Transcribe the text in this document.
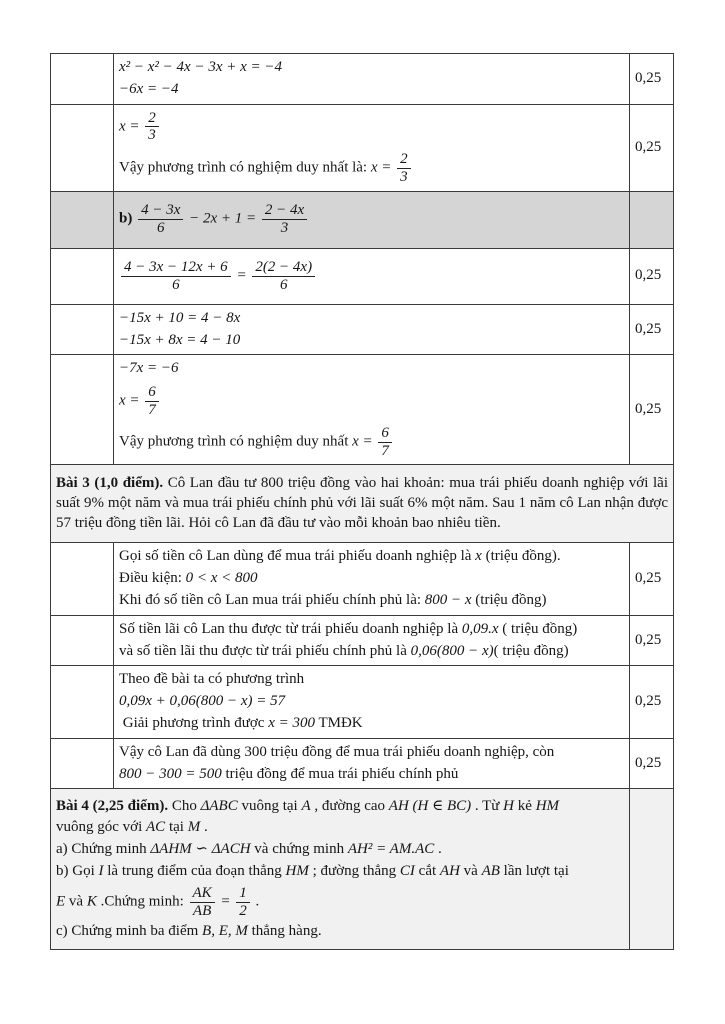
	x² − x² − 4x − 3x + x = −4
−6x = −4	0,25

$x = \frac{2}{3}$
Vậy phương trình có nghiệm duy nhất là: $x = \frac{2}{3}$
	0,25

$b) \frac{4 - 3x}{6} - 2x + 1 = \frac{2 - 4x}{3}$

	$\frac{4 - 3x - 12x + 6}{6} = \frac{2(2 - 4x)}{6}$	0,25

	−15x + 10 = 4 − 8x
−15x + 8x = 4 − 10	0,25

−7x = −6
$x = \frac{6}{7}$
Vậy phương trình có nghiệm duy nhất $x = \frac{6}{7}$
	0,25

Bài 3 (1,0 điểm). Cô Lan đầu tư 800 triệu đồng vào hai khoản: mua trái phiếu doanh nghiệp với lãi suất 9% một năm và mua trái phiếu chính phủ với lãi suất 6% một năm. Sau 1 năm cô Lan nhận được 57 triệu đồng tiền lãi. Hỏi cô Lan đã đầu tư vào mỗi khoản bao nhiêu tiền.		

	Gọi số tiền cô Lan dùng để mua trái phiếu doanh nghiệp là x (triệu đồng).
Điều kiện: 0 < x < 800
Khi đó số tiền cô Lan mua trái phiếu chính phủ là: 800 − x (triệu đồng)	0,25

	Số tiền lãi cô Lan thu được từ trái phiếu doanh nghiệp là 0,09.x ( triệu đồng)
và số tiền lãi thu được từ trái phiếu chính phủ là 0,06(800 − x)( triệu đồng)	0,25

	Theo đề bài ta có phương trình
0,09x + 0,06(800 − x) = 57
Giải phương trình được x = 300 TMĐK	0,25

	Vậy cô Lan đã dùng 300 triệu đồng để mua trái phiếu doanh nghiệp, còn
800 − 300 = 500 triệu đồng để mua trái phiếu chính phủ	0,25

Bài 4 (2,25 điểm). Cho ΔABC vuông tại A , đường cao AH (H ∈ BC) . Từ H kẻ HM
vuông góc với AC tại M .
a) Chứng minh ΔAHM ∽ ΔACH và chứng minh AH² = AM.AC .
b) Gọi I là trung điểm của đoạn thẳng HM ; đường thẳng CI cắt AH và AB lần lượt tại
E và K .Chứng minh: $\frac{AK}{AB} = \frac{1}{2}$ .
c) Chứng minh ba điểm B, E, M thẳng hàng.
